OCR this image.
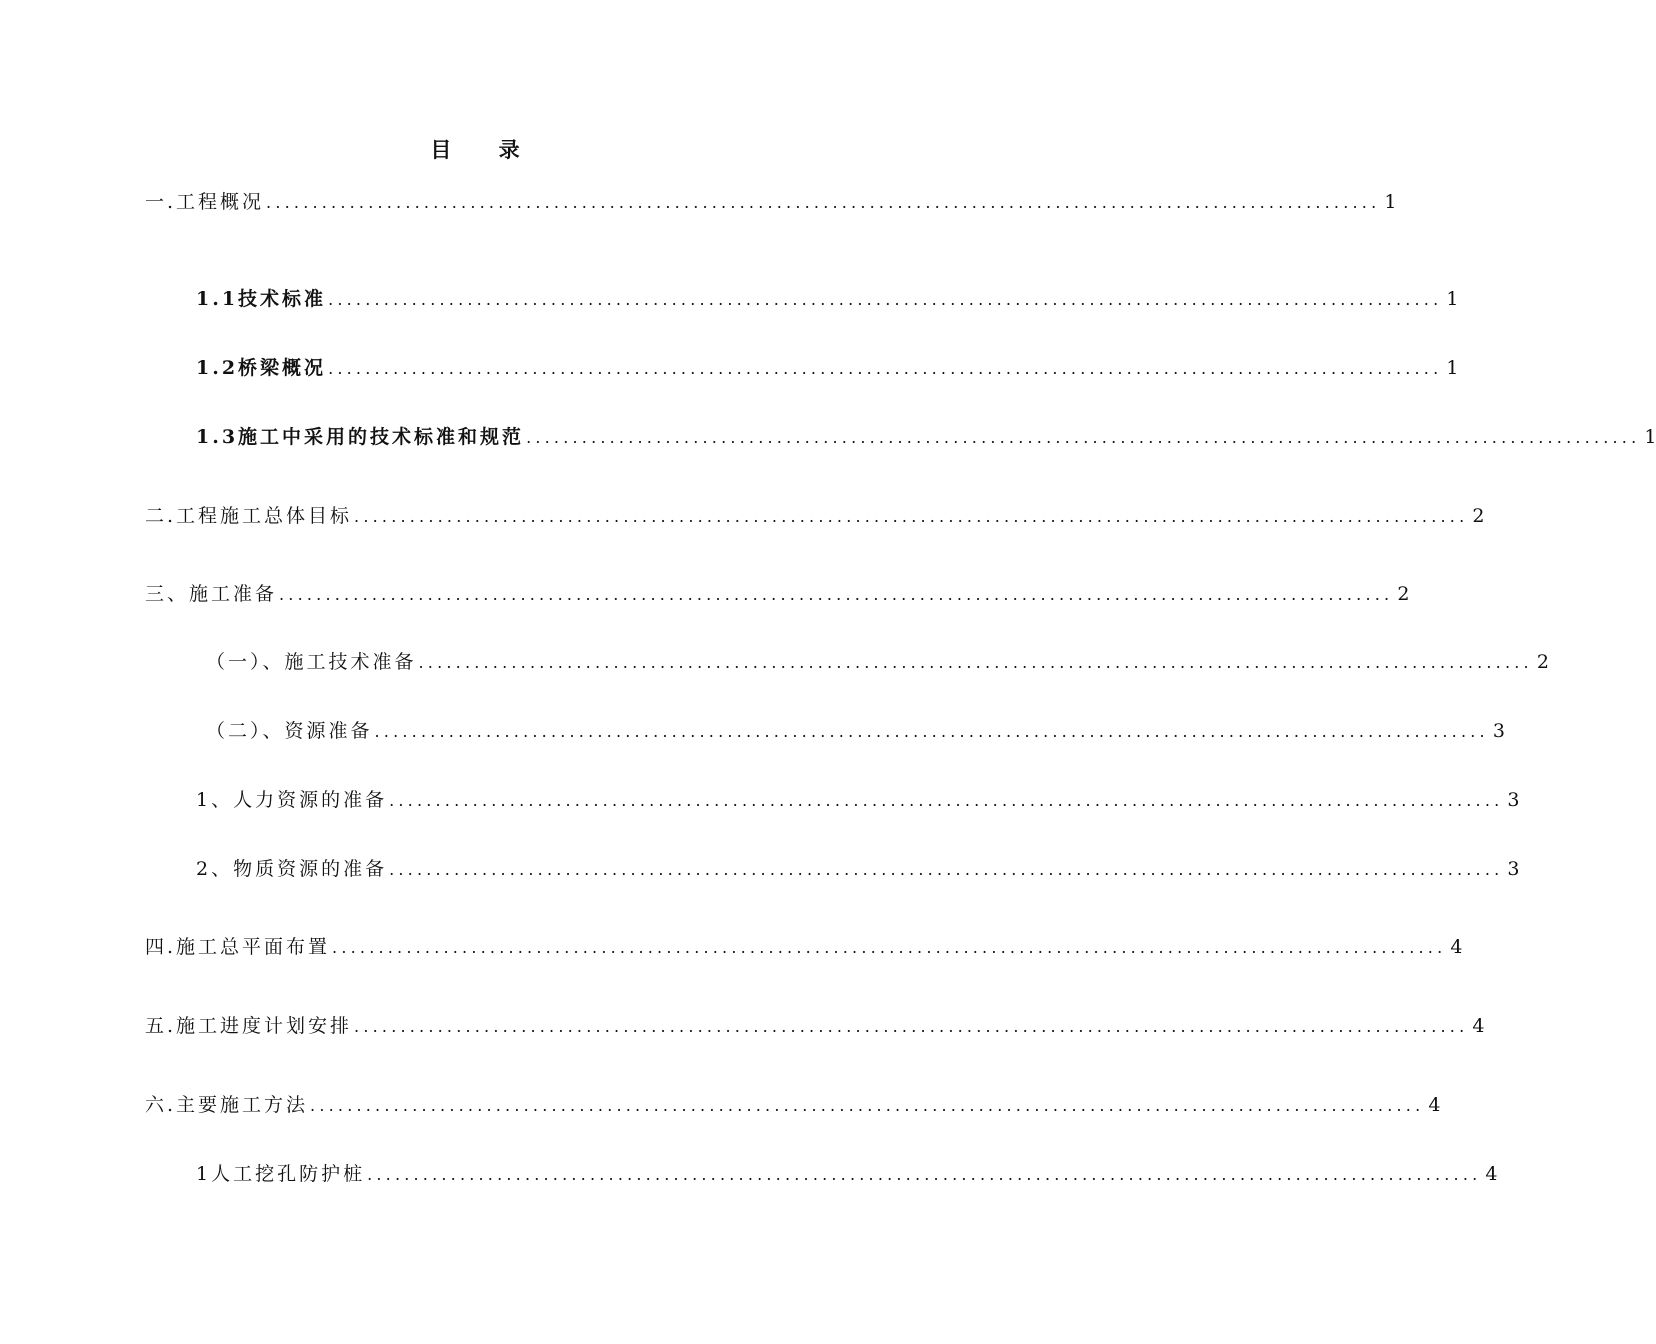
目 录
一.工程概况 ........................................................................................................................ 1
1.1技术标准 ........................................................................................................................ 1
1.2桥梁概况 ........................................................................................................................ 1
1.3施工中采用的技术标准和规范 ........................................................................................................................ 1
二.工程施工总体目标 ........................................................................................................................ 2
三、施工准备 ........................................................................................................................ 2
（一）、施工技术准备 ........................................................................................................................ 2
（二）、资源准备 ........................................................................................................................ 3
1、人力资源的准备 ........................................................................................................................ 3
2、物质资源的准备 ........................................................................................................................ 3
四.施工总平面布置 ........................................................................................................................ 4
五.施工进度计划安排 ........................................................................................................................ 4
六.主要施工方法 ........................................................................................................................ 4
1人工挖孔防护桩 ........................................................................................................................ 4
